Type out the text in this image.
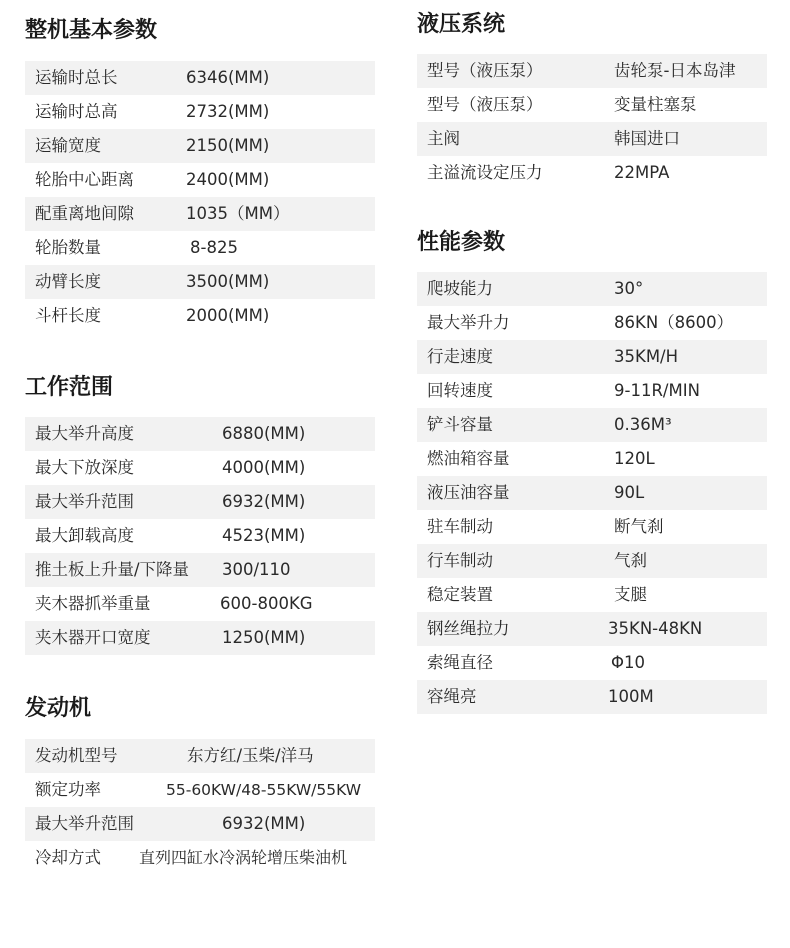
整机基本参数
运输时总长	6346(MM)
运输时总高	2732(MM)
运输宽度	2150(MM)
轮胎中心距离	2400(MM)
配重离地间隙	1035（MM）
轮胎数量	8-825
动臂长度	3500(MM)
斗杆长度	2000(MM)
工作范围
最大举升高度	6880(MM)
最大下放深度	4000(MM)
最大举升范围	6932(MM)
最大卸载高度	4523(MM)
推土板上升量/下降量 300/110
夹木器抓举重量	600-800KG
夹木器开口宽度	1250(MM)
发动机
发动机型号	东方红/玉柴/洋马
额定功率	55-60KW/48-55KW/55KW
最大举升范围	6932(MM)
冷却方式 直列四缸水冷涡轮增压柴油机
液压系统
型号（液压泵）	齿轮泵-日本岛津
型号（液压泵）	变量柱塞泵
主阀	韩国进口
主溢流设定压力	22MPA
性能参数
爬坡能力	30°
最大举升力	86KN（8600）
行走速度	35KM/H
回转速度	9-11R/MIN
铲斗容量	0.36M³
燃油箱容量	120L
液压油容量	90L
驻车制动	断气刹
行车制动	气刹
稳定装置	支腿
钢丝绳拉力	35KN-48KN
索绳直径	Φ10
容绳亮	100M
